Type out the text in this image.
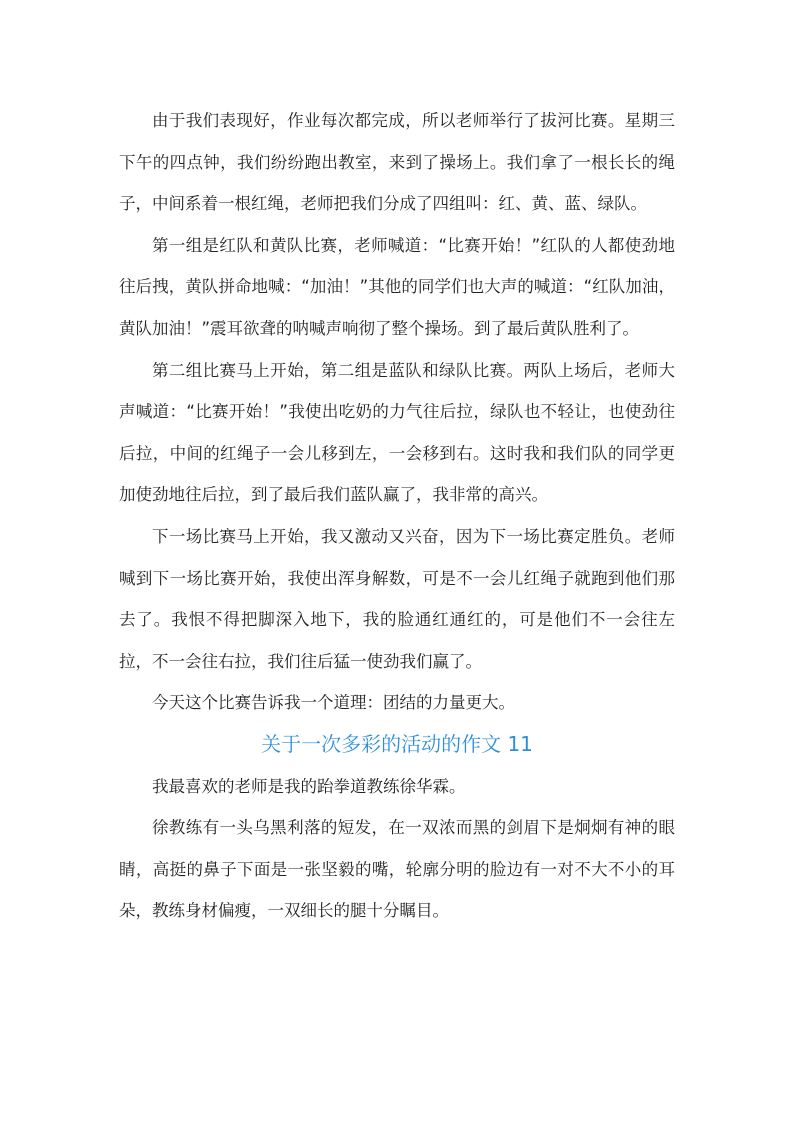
由于我们表现好，作业每次都完成，所以老师举行了拔河比赛。星期三下午的四点钟，我们纷纷跑出教室，来到了操场上。我们拿了一根长长的绳子，中间系着一根红绳，老师把我们分成了四组叫：红、黄、蓝、绿队。

第一组是红队和黄队比赛，老师喊道：“比赛开始！”红队的人都使劲地往后拽，黄队拼命地喊：“加油！”其他的同学们也大声的喊道：“红队加油，黄队加油！”震耳欲聋的呐喊声响彻了整个操场。到了最后黄队胜利了。

第二组比赛马上开始，第二组是蓝队和绿队比赛。两队上场后，老师大声喊道：“比赛开始！”我使出吃奶的力气往后拉，绿队也不轻让，也使劲往后拉，中间的红绳子一会儿移到左，一会移到右。这时我和我们队的同学更加使劲地往后拉，到了最后我们蓝队赢了，我非常的高兴。

下一场比赛马上开始，我又激动又兴奋，因为下一场比赛定胜负。老师喊到下一场比赛开始，我使出浑身解数，可是不一会儿红绳子就跑到他们那去了。我恨不得把脚深入地下，我的脸通红通红的，可是他们不一会往左拉，不一会往右拉，我们往后猛一使劲我们赢了。

今天这个比赛告诉我一个道理：团结的力量更大。

关于一次多彩的活动的作文 11

我最喜欢的老师是我的跆拳道教练徐华霖。

徐教练有一头乌黑利落的短发，在一双浓而黑的剑眉下是炯炯有神的眼睛，高挺的鼻子下面是一张坚毅的嘴，轮廓分明的脸边有一对不大不小的耳朵，教练身材偏瘦，一双细长的腿十分瞩目。
